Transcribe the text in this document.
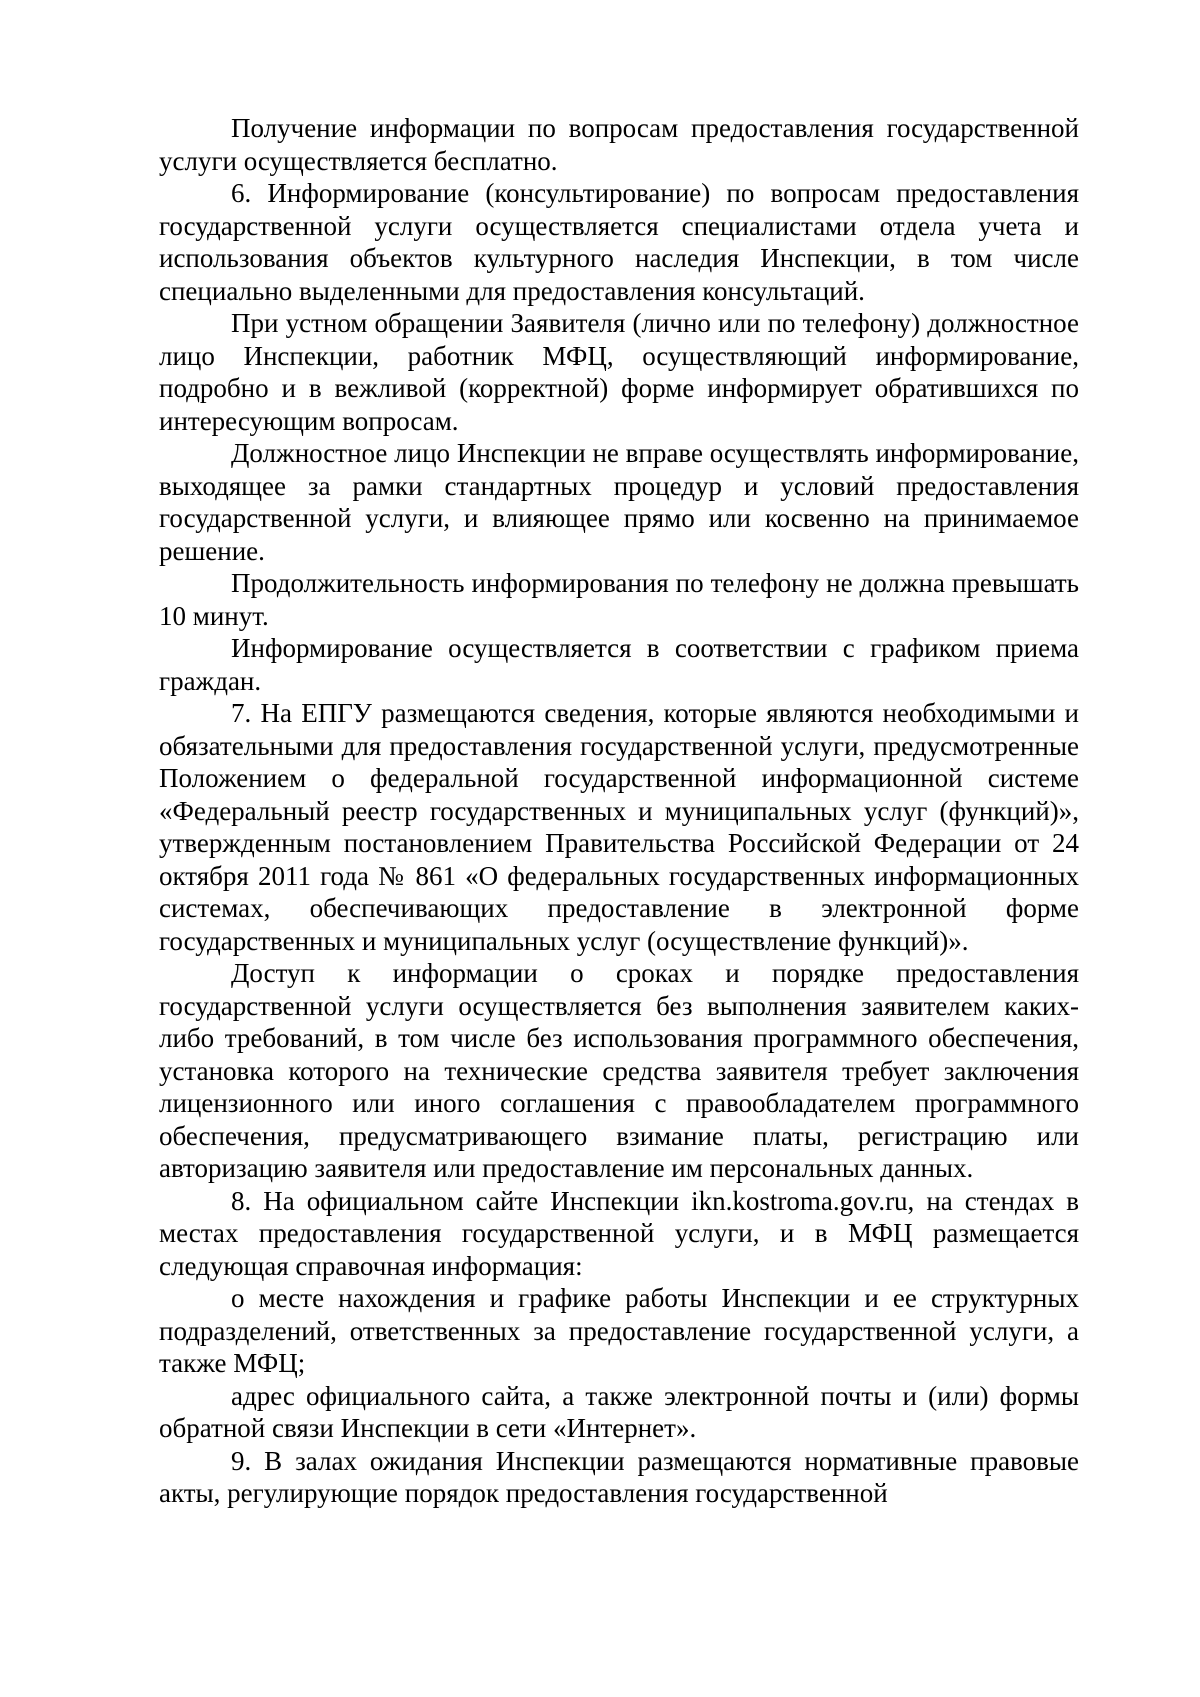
Получение информации по вопросам предоставления государственной услуги осуществляется бесплатно.

6. Информирование (консультирование) по вопросам предоставления государственной услуги осуществляется специалистами отдела учета и использования объектов культурного наследия Инспекции, в том числе специально выделенными для предоставления консультаций.

При устном обращении Заявителя (лично или по телефону) должностное лицо Инспекции, работник МФЦ, осуществляющий информирование, подробно и в вежливой (корректной) форме информирует обратившихся по интересующим вопросам.

Должностное лицо Инспекции не вправе осуществлять информирование, выходящее за рамки стандартных процедур и условий предоставления государственной услуги, и влияющее прямо или косвенно на принимаемое решение.

Продолжительность информирования по телефону не должна превышать 10 минут.

Информирование осуществляется в соответствии с графиком приема граждан.

7. На ЕПГУ размещаются сведения, которые являются необходимыми и обязательными для предоставления государственной услуги, предусмотренные Положением о федеральной государственной информационной системе «Федеральный реестр государственных и муниципальных услуг (функций)», утвержденным постановлением Правительства Российской Федерации от 24 октября 2011 года № 861 «О федеральных государственных информационных системах, обеспечивающих предоставление в электронной форме государственных и муниципальных услуг (осуществление функций)».

Доступ к информации о сроках и порядке предоставления государственной услуги осуществляется без выполнения заявителем каких-либо требований, в том числе без использования программного обеспечения, установка которого на технические средства заявителя требует заключения лицензионного или иного соглашения с правообладателем программного обеспечения, предусматривающего взимание платы, регистрацию или авторизацию заявителя или предоставление им персональных данных.

8. На официальном сайте Инспекции ikn.kostroma.gov.ru, на стендах в местах предоставления государственной услуги, и в МФЦ размещается следующая справочная информация:

о месте нахождения и графике работы Инспекции и ее структурных подразделений, ответственных за предоставление государственной услуги, а также МФЦ;

адрес официального сайта, а также электронной почты и (или) формы обратной связи Инспекции в сети «Интернет».

9. В залах ожидания Инспекции размещаются нормативные правовые акты, регулирующие порядок предоставления государственной
